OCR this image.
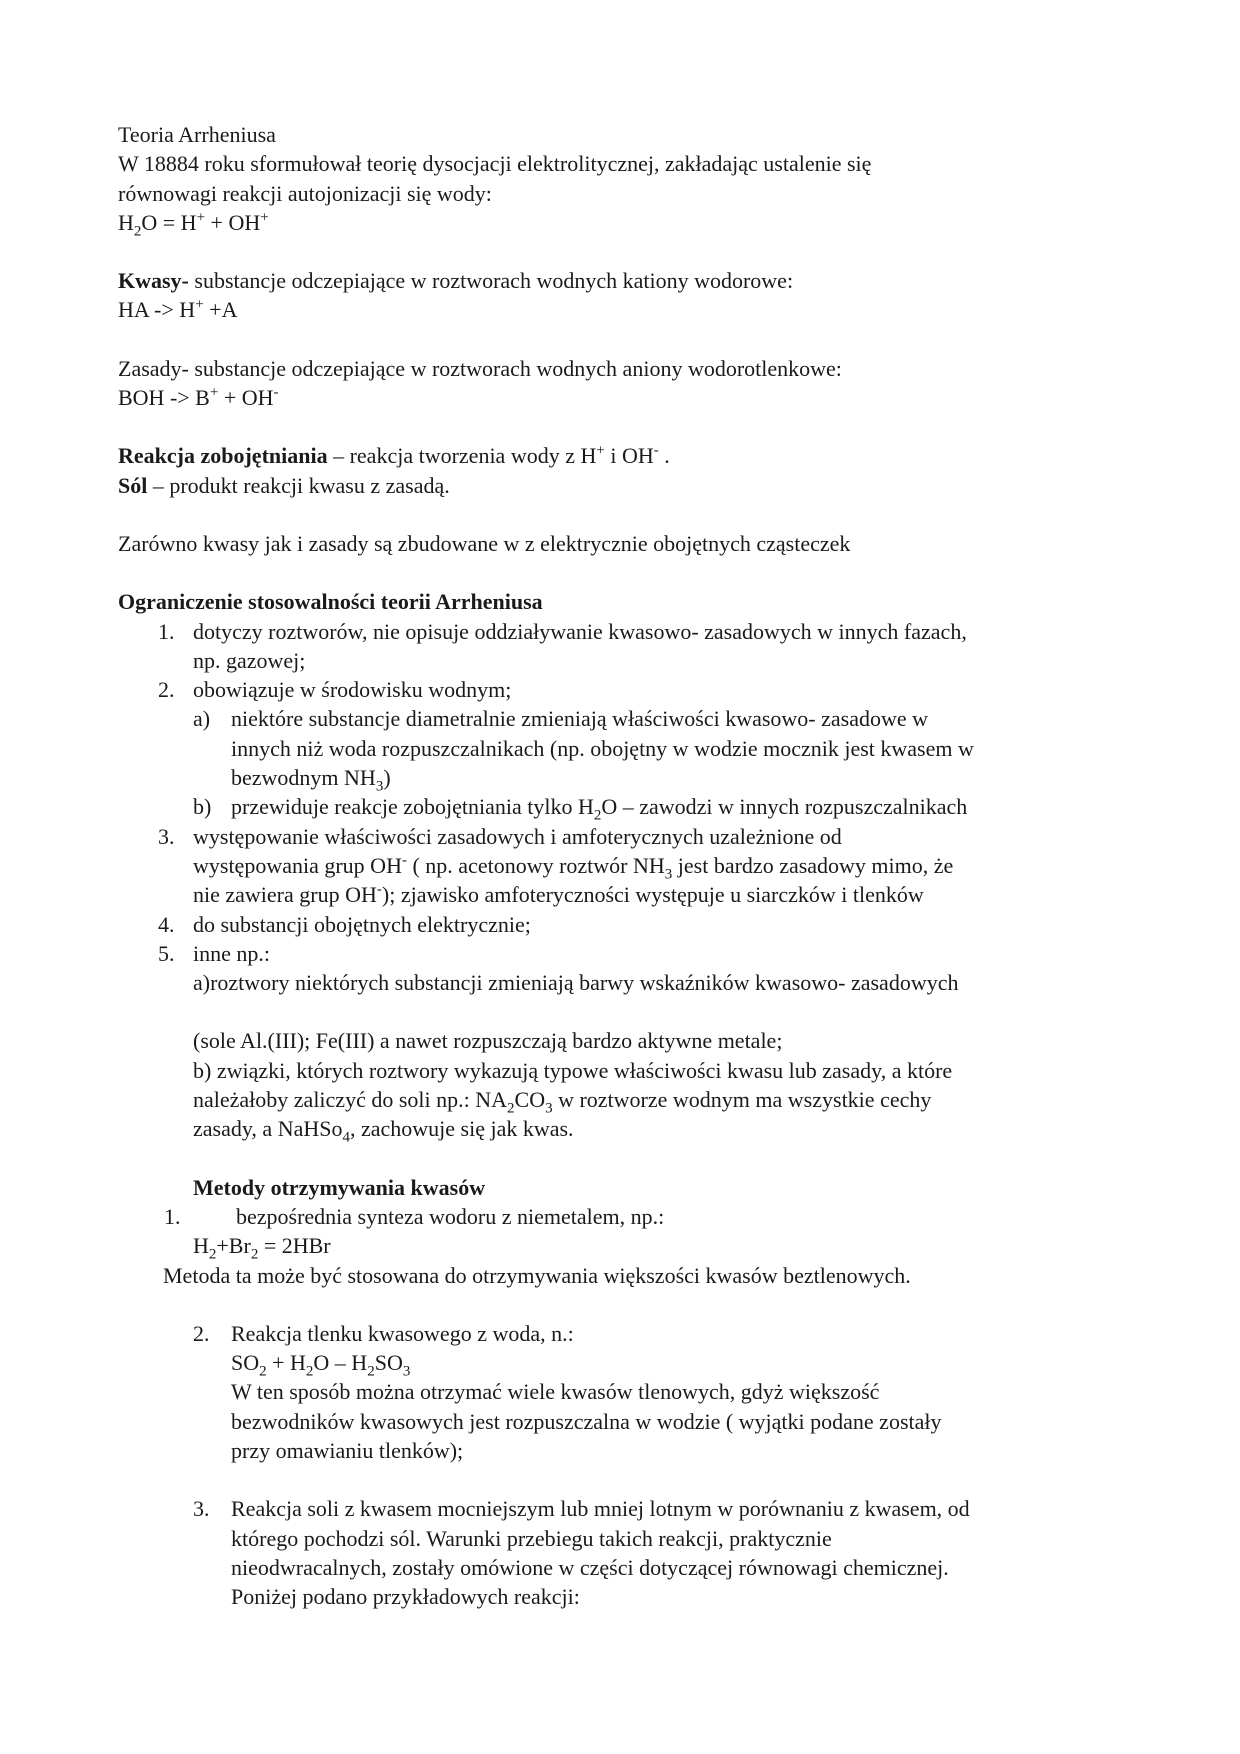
Teoria Arrheniusa

W 18884 roku sformułował teorię dysocjacji elektrolitycznej, zakładając ustalenie się

równowagi reakcji autojonizacji się wody:

$H_2O = H^+ + OH^+$

Kwasy- substancje odczepiające w roztworach wodnych kationy wodorowe:

HA -> H+ +A

Zasady- substancje odczepiające w roztworach wodnych aniony wodorotlenkowe:

BOH -> B+ + OH-

Reakcja zobojętniania – reakcja tworzenia wody z H+ i OH- .

Sól – produkt reakcji kwasu z zasadą.

Zarówno kwasy jak i zasady są zbudowane w z elektrycznie obojętnych cząsteczek

Ograniczenie stosowalności teorii Arrheniusa

1. dotyczy roztworów, nie opisuje oddziaływanie kwasowo- zasadowych w innych fazach,

np. gazowej;

2. obowiązuje w środowisku wodnym;

a) niektóre substancje diametralnie zmieniają właściwości kwasowo- zasadowe w

innych niż woda rozpuszczalnikach (np. obojętny w wodzie mocznik jest kwasem w

bezwodnym $NH_3$)

b) przewiduje reakcje zobojętniania tylko $H_2O$ – zawodzi w innych rozpuszczalnikach

3. występowanie właściwości zasadowych i amfoterycznych uzależnione od

występowania grup OH- ( np. acetonowy roztwór $NH_3$ jest bardzo zasadowy mimo, że

nie zawiera grup OH-); zjawisko amfoteryczności występuje u siarczków i tlenków

4. do substancji obojętnych elektrycznie;

5. inne np.:

a)roztwory niektórych substancji zmieniają barwy wskaźników kwasowo- zasadowych

(sole Al.(III); Fe(III) a nawet rozpuszczają bardzo aktywne metale;

b) związki, których roztwory wykazują typowe właściwości kwasu lub zasady, a które

należałoby zaliczyć do soli np.: $NA_2CO_3$ w roztworze wodnym ma wszystkie cechy

zasady, a NaHSo$_4$, zachowuje się jak kwas.

Metody otrzymywania kwasów

1.	bezpośrednia synteza wodoru z niemetalem, np.:

$H_2+Br_2 = 2HBr$

Metoda ta może być stosowana do otrzymywania większości kwasów beztlenowych.

2. Reakcja tlenku kwasowego z woda, n.:

$SO_2 + H_2O - H_2SO_3$

W ten sposób można otrzymać wiele kwasów tlenowych, gdyż większość

bezwodników kwasowych jest rozpuszczalna w wodzie ( wyjątki podane zostały

przy omawianiu tlenków);

3. Reakcja soli z kwasem mocniejszym lub mniej lotnym w porównaniu z kwasem, od

którego pochodzi sól. Warunki przebiegu takich reakcji, praktycznie

nieodwracalnych, zostały omówione w części dotyczącej równowagi chemicznej.

Poniżej podano przykładowych reakcji:
